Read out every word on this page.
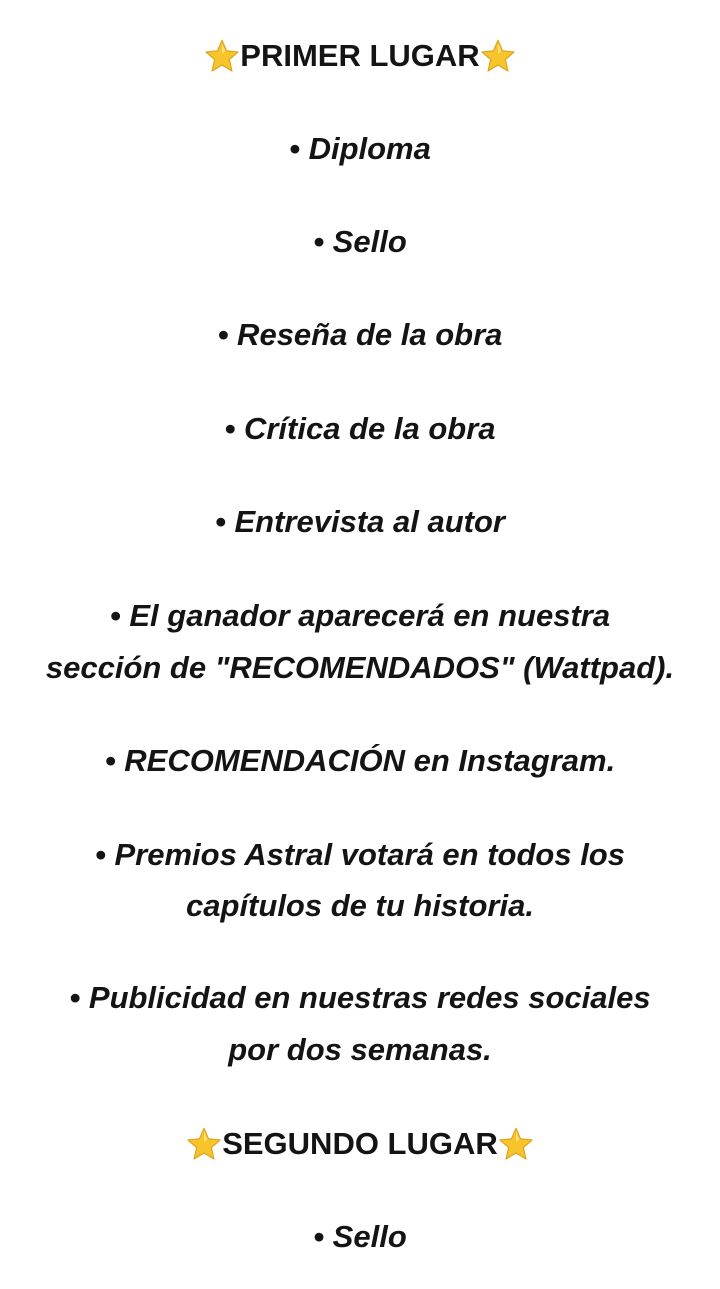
PRIMER LUGAR
• Diploma
• Sello
• Reseña de la obra
• Crítica de la obra
• Entrevista al autor
• El ganador aparecerá en nuestra
sección de "RECOMENDADOS" (Wattpad).
• RECOMENDACIÓN en Instagram.
• Premios Astral votará en todos los
capítulos de tu historia.
• Publicidad en nuestras redes sociales
por dos semanas.
SEGUNDO LUGAR
• Sello
